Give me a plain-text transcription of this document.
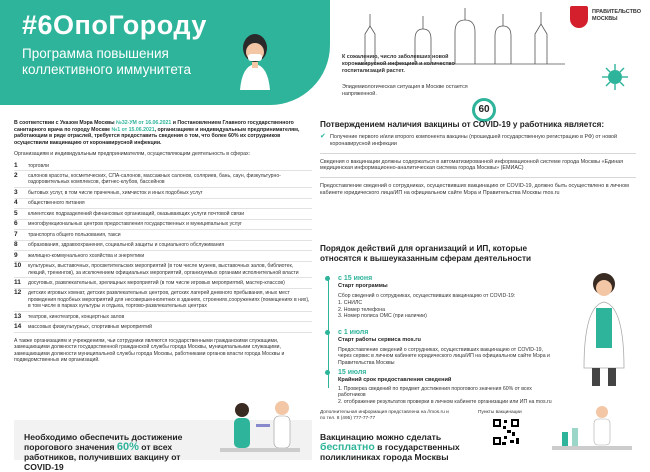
#6ОпоГороду
Программа повышения коллективного иммунитета
ПРАВИТЕЛЬСТВО
МОСКВЫ
К сожалению, число заболевших новой коронавирусной инфекцией и количество госпитализаций растет.
Эпидемиологическая ситуация в Москве остается напряженной.
60

В соответствии с Указом Мэра Москвы №32-УМ от 16.06.2021 и Постановлением Главного государственного санитарного врача по городу Москве №1 от 15.06.2021, организациям и индивидуальным предпринимателям, работающим в ряде отраслей, требуется предоставить сведения о том, что более 60% их сотрудников осуществили вакцинацию от коронавирусной инфекции.

Организациям и индивидуальным предпринимателям, осуществляющим деятельность в сферах:

1	торговли
2	салонов красоты, косметических, СПА-салонов, массажных салонов, соляриев, бань, саун, физкультурно-оздоровительных комплексов, фитнес-клубов, бассейнов
3	бытовых услуг, в том числе прачечных, химчисток и иных подобных услуг
4	общественного питания
5	клиентских подразделений финансовых организаций, оказывающих услуги почтовой связи
6	многофункциональных центров предоставления государственных и муниципальных услуг
7	транспорта общего пользования, такси
8	образования, здравоохранения, социальной защиты и социального обслуживания
9	жилищно-коммунального хозяйства и энергетики
10	культурных, выставочных, просветительских мероприятий (в том числе музеев, выставочных залов, библиотек, лекций, тренингов), за исключением официальных мероприятий, организуемых органами исполнительной власти
11	досуговых, развлекательных, зрелищных мероприятий (в том числе игровых мероприятий, мастер-классов)
12	детских игровых комнат, детских развлекательных центров, детских лагерей дневного пребывания, иных мест проведения подобных мероприятий для несовершеннолетних в зданиях, строениях,сооружениях (помещениях в них), в том числе в парках культуры и отдыха, торгово-развлекательных центрах
13	театров, кинотеатров, концертных залов
14	массовых физкультурных, спортивных мероприятий

А также организациям и учреждениям, чьи сотрудники являются государственными гражданскими служащими, замещающими должности государственной гражданской службы города Москвы, муниципальными служащими, замещающими должности муниципальной службы города Москвы, работниками органов власти города Москвы и подведомственных им организаций.

Необходимо обеспечить достижение порогового значения 60% от всех работников, получивших вакцину от COVID-19
Потверждением наличия вакцины от COVID-19 у работника является:
✔ Получение первого и/или второго компонента вакцины (прошедшей государственную регистрацию в РФ) от новой коронавирусной инфекции

Сведения о вакцинации должны содержаться в автоматизированной информационной системе города Москвы «Единая медицинская информационно-аналитическая система города Москвы» (ЕМИАС)

Предоставление сведений о сотрудниках, осуществивших вакцинацию от COVID-19, должно быть осуществлено в личном кабинете юридического лица/ИП на официальном сайте Мэра и Правительства Москвы mos.ru

Порядок действий для организаций и ИП, которые относятся к вышеуказанным сферам деятельности
с 15 июня
Старт программы
Сбор сведений о сотрудниках, осуществивших вакцинацию от COVID-19:
1. СНИЛС
2. Номер телефона
3. Номер полиса ОМС (при наличии)
с 1 июля
Старт работы сервиса mos.ru
Предоставление сведений о сотрудниках, осуществивших вакцинацию от COVID-19, через сервис в личном кабинете юридического лица/ИП на официальном сайте Мэра и Правительства Москвы
15 июля
Крайний срок предоставления сведений
1. Проверка сведений по предмет достижения порогового значения 60% от всех работников
2. отображение результатов проверки в личном кабинете организации или ИП на mos.ru
Дополнительная информация представлена на //mos.ru и по тел. 8 (495) 777-77-77
Пункты вакцинации
Вакцинацию можно сделать бесплатно в государственных поликлиниках города Москвы
